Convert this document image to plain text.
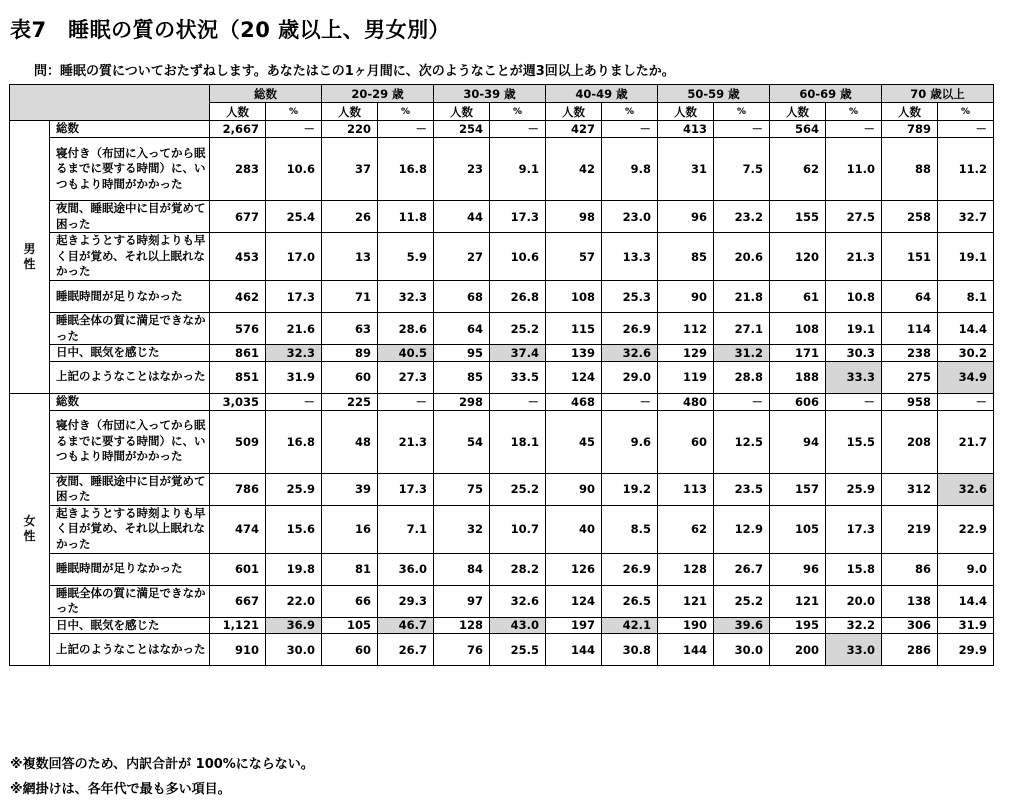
表7　睡眠の質の状況（20 歳以上、男女別）
問：睡眠の質についておたずねします。あなたはこの1ヶ月間に、次のようなことが週3回以上ありましたか。
		総数		20-29 歳		30-39 歳		40-49 歳		50-59 歳		60-69 歳		70 歳以上	
		人数	%	人数	%	人数	%	人数	%	人数	%	人数	%	人数	%
男
性	総数	2,667	－	220	－	254	－	427	－	413	－	564	－	789	－
	寝付き（布団に入ってから眠るまでに要する時間）に、いつもより時間がかかった	283	10.6	37	16.8	23	9.1	42	9.8	31	7.5	62	11.0	88	11.2
	夜間、睡眠途中に目が覚めて困った	677	25.4	26	11.8	44	17.3	98	23.0	96	23.2	155	27.5	258	32.7
	起きようとする時刻よりも早く目が覚め、それ以上眠れなかった	453	17.0	13	5.9	27	10.6	57	13.3	85	20.6	120	21.3	151	19.1
	睡眠時間が足りなかった	462	17.3	71	32.3	68	26.8	108	25.3	90	21.8	61	10.8	64	8.1
	睡眠全体の質に満足できなかった	576	21.6	63	28.6	64	25.2	115	26.9	112	27.1	108	19.1	114	14.4
	日中、眠気を感じた	861	32.3	89	40.5	95	37.4	139	32.6	129	31.2	171	30.3	238	30.2
	上記のようなことはなかった	851	31.9	60	27.3	85	33.5	124	29.0	119	28.8	188	33.3	275	34.9
女
性	総数	3,035	－	225	－	298	－	468	－	480	－	606	－	958	－
	寝付き（布団に入ってから眠るまでに要する時間）に、いつもより時間がかかった	509	16.8	48	21.3	54	18.1	45	9.6	60	12.5	94	15.5	208	21.7
	夜間、睡眠途中に目が覚めて困った	786	25.9	39	17.3	75	25.2	90	19.2	113	23.5	157	25.9	312	32.6
	起きようとする時刻よりも早く目が覚め、それ以上眠れなかった	474	15.6	16	7.1	32	10.7	40	8.5	62	12.9	105	17.3	219	22.9
	睡眠時間が足りなかった	601	19.8	81	36.0	84	28.2	126	26.9	128	26.7	96	15.8	86	9.0
	睡眠全体の質に満足できなかった	667	22.0	66	29.3	97	32.6	124	26.5	121	25.2	121	20.0	138	14.4
	日中、眠気を感じた	1,121	36.9	105	46.7	128	43.0	197	42.1	190	39.6	195	32.2	306	31.9
	上記のようなことはなかった	910	30.0	60	26.7	76	25.5	144	30.8	144	30.0	200	33.0	286	29.9
※複数回答のため、内訳合計が 100%にならない。
※網掛けは、各年代で最も多い項目。
